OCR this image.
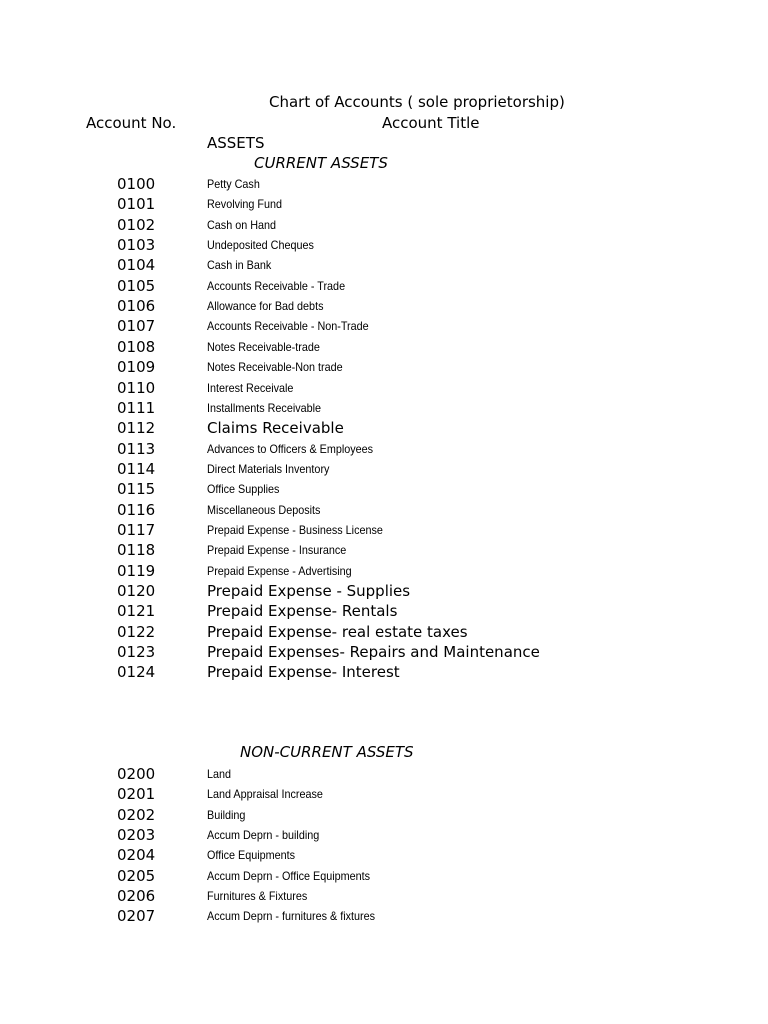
Chart of Accounts ( sole proprietorship)
Account No.	Account Title
ASSETS
CURRENT ASSETS
0100	Petty Cash
0101	Revolving Fund
0102	Cash on Hand
0103	Undeposited Cheques
0104	Cash in Bank
0105	Accounts Receivable - Trade
0106	Allowance for Bad debts
0107	Accounts Receivable - Non-Trade
0108	Notes Receivable-trade
0109	Notes Receivable-Non trade
0110	Interest Receivale
0111	Installments Receivable
0112	Claims Receivable
0113	Advances to Officers & Employees
0114	Direct Materials Inventory
0115	Office Supplies
0116	Miscellaneous Deposits
0117	Prepaid Expense - Business License
0118	Prepaid Expense - Insurance
0119	Prepaid Expense - Advertising
0120	Prepaid Expense - Supplies
0121	Prepaid Expense- Rentals
0122	Prepaid Expense- real estate taxes
0123	Prepaid Expenses- Repairs and Maintenance
0124	Prepaid Expense- Interest
NON-CURRENT ASSETS
0200	Land
0201	Land Appraisal Increase
0202	Building
0203	Accum Deprn - building
0204	Office Equipments
0205	Accum Deprn - Office Equipments
0206	Furnitures & Fixtures
0207	Accum Deprn - furnitures & fixtures
